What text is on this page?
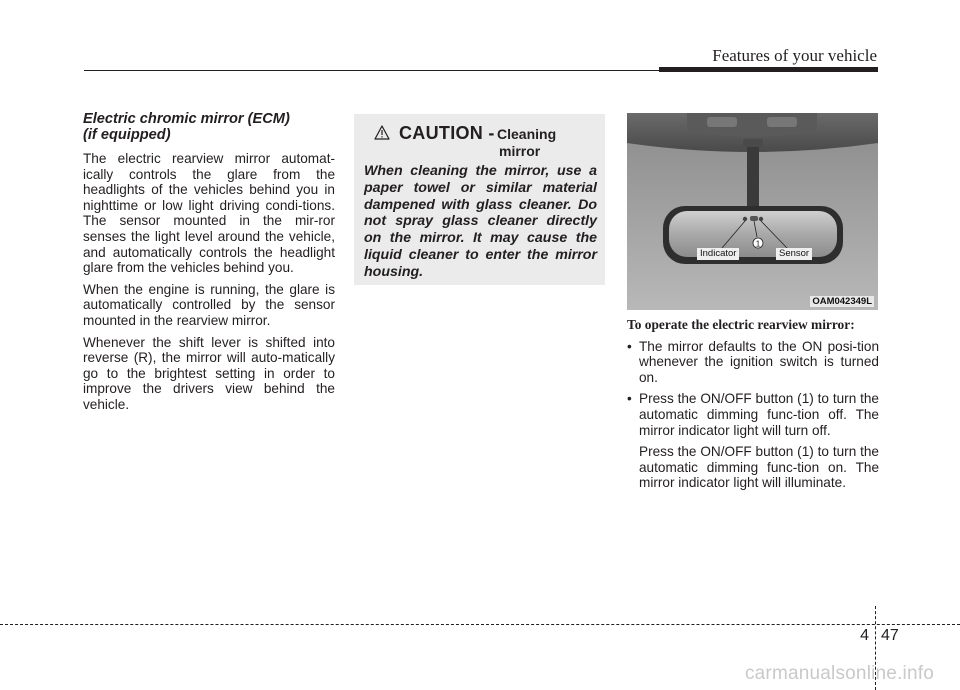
Features of your vehicle
Electric chromic mirror (ECM)
(if equipped)

The electric rearview mirror automat-ically controls the glare from the headlights of the vehicles behind you in nighttime or low light driving condi-tions. The sensor mounted in the mir-ror senses the light level around the vehicle, and automatically controls the headlight glare from the vehicles behind you.

When the engine is running, the glare is automatically controlled by the sensor mounted in the rearview mirror.

Whenever the shift lever is shifted into reverse (R), the mirror will auto-matically go to the brightest setting in order to improve the drivers view behind the vehicle.

CAUTION - Cleaning
mirror
When cleaning the mirror, use a paper towel or similar material dampened with glass cleaner. Do not spray glass cleaner directly on the mirror. It may cause the liquid cleaner to enter the mirror housing.
1
Indicator	Sensor
OAM042349L
To operate the electric rearview mirror:

• The mirror defaults to the ON posi-tion whenever the ignition switch is turned on.

• Press the ON/OFF button (1) to turn the automatic dimming func-tion off. The mirror indicator light will turn off.

Press the ON/OFF button (1) to turn the automatic dimming func-tion on. The mirror indicator light will illuminate.

4 47
carmanualsonline.info
